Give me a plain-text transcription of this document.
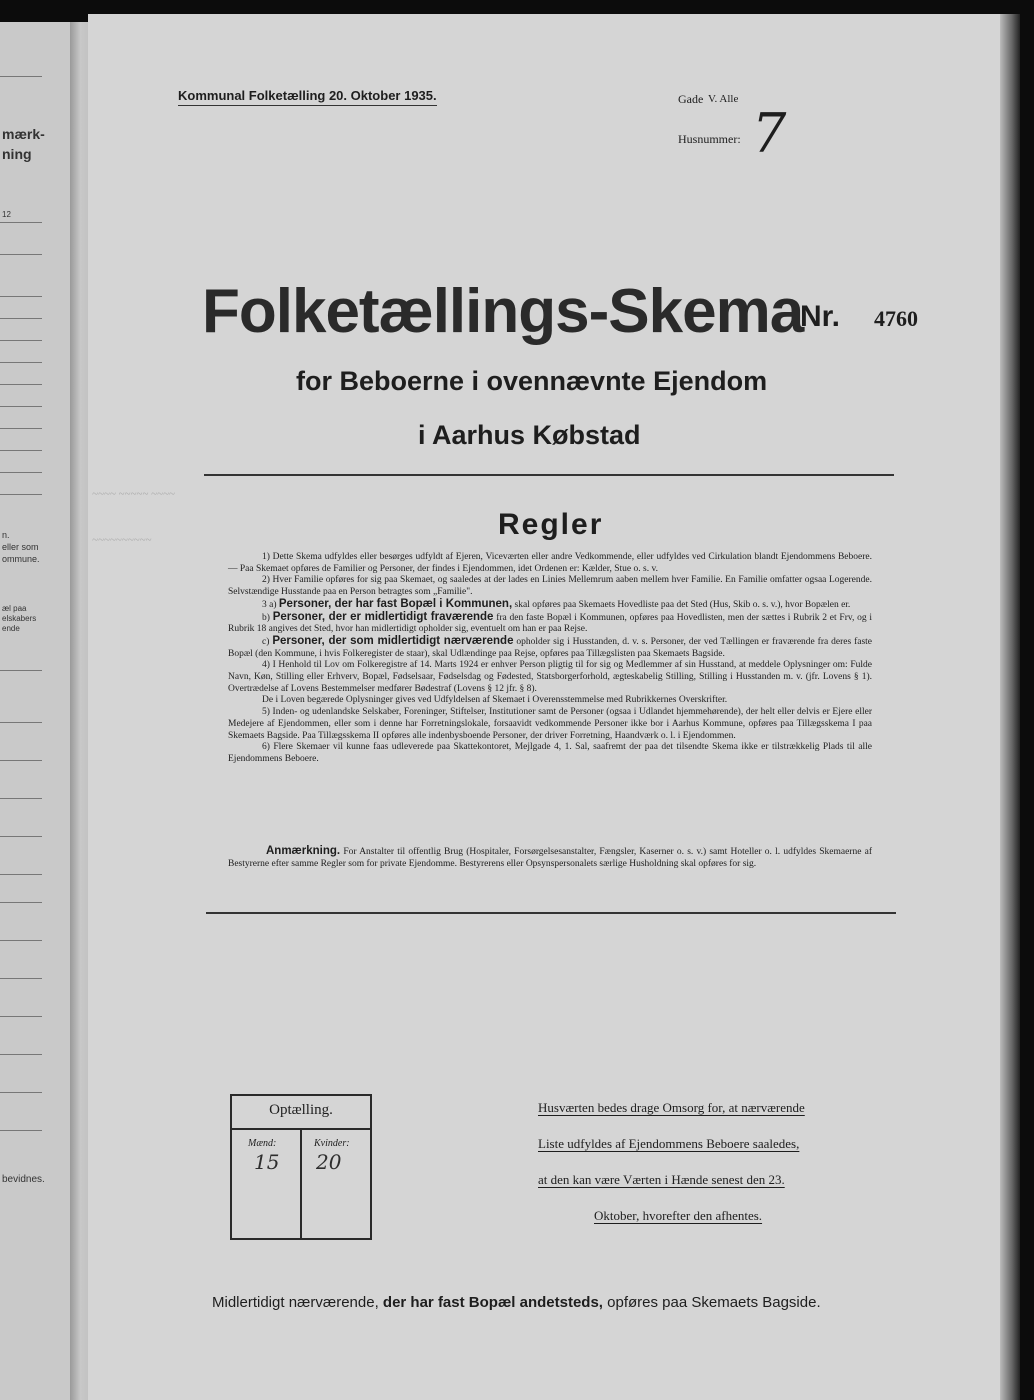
mærk-
ning
12
n.
eller som
ommune.
æl paa
elskabers
ende
bevidnes.
Kommunal Folketælling 20. Oktober 1935.	Gade V. Alle
Husnummer: 7
Folketællings-Skema
Nr. 4760
for Beboerne i ovennævnte Ejendom
i Aarhus Købstad
~~~~ ~~~~~ ~~~~
~~~~~~~~~~	Regler

1) Dette Skema udfyldes eller besørges udfyldt af Ejeren, Viceværten eller andre Vedkommende, eller udfyldes ved Cirkulation blandt Ejendommens Beboere. — Paa Skemaet opføres de Familier og Personer, der findes i Ejendommen, idet Ordenen er: Kælder, Stue o. s. v.

2) Hver Familie opføres for sig paa Skemaet, og saaledes at der lades en Linies Mellemrum aaben mellem hver Familie. En Familie omfatter ogsaa Logerende. Selvstændige Husstande paa en Person betragtes som „Familie".

3 a) Personer, der har fast Bopæl i Kommunen, skal opføres paa Skemaets Hovedliste paa det Sted (Hus, Skib o. s. v.), hvor Bopælen er.

b) Personer, der er midlertidigt fraværende fra den faste Bopæl i Kommunen, opføres paa Hovedlisten, men der sættes i Rubrik 2 et Frv, og i Rubrik 18 angives det Sted, hvor han midlertidigt opholder sig, eventuelt om han er paa Rejse.

c) Personer, der som midlertidigt nærværende opholder sig i Husstanden, d. v. s. Personer, der ved Tællingen er fraværende fra deres faste Bopæl (den Kommune, i hvis Folkeregister de staar), skal Udlændinge paa Rejse, opføres paa Tillægslisten paa Skemaets Bagside.

4) I Henhold til Lov om Folkeregistre af 14. Marts 1924 er enhver Person pligtig til for sig og Medlemmer af sin Husstand, at meddele Oplysninger om: Fulde Navn, Køn, Stilling eller Erhverv, Bopæl, Fødselsaar, Fødselsdag og Fødested, Statsborgerforhold, ægteskabelig Stilling, Stilling i Husstanden m. v. (jfr. Lovens § 1). Overtrædelse af Lovens Bestemmelser medfører Bødestraf (Lovens § 12 jfr. § 8).

De i Loven begærede Oplysninger gives ved Udfyldelsen af Skemaet i Overensstemmelse med Rubrikkernes Overskrifter.

5) Inden- og udenlandske Selskaber, Foreninger, Stiftelser, Institutioner samt de Personer (ogsaa i Udlandet hjemmehørende), der helt eller delvis er Ejere eller Medejere af Ejendommen, eller som i denne har Forretningslokale, forsaavidt vedkommende Personer ikke bor i Aarhus Kommune, opføres paa Tillægsskema I paa Skemaets Bagside. Paa Tillægsskema II opføres alle indenbysboende Personer, der driver Forretning, Haandværk o. l. i Ejendommen.

6) Flere Skemaer vil kunne faas udleverede paa Skattekontoret, Mejlgade 4, 1. Sal, saafremt der paa det tilsendte Skema ikke er tilstrækkelig Plads til alle Ejendommens Beboere.

Anmærkning. For Anstalter til offentlig Brug (Hospitaler, Forsørgelsesanstalter, Fængsler, Kaserner o. s. v.) samt Hoteller o. l. udfyldes Skemaerne af Bestyrerne efter samme Regler som for private Ejendomme. Bestyrerens eller Opsynspersonalets særlige Husholdning skal opføres for sig.

Optælling.
Mænd:	Kvinder:
15 20
Husværten bedes drage Omsorg for, at nærværende
Liste udfyldes af Ejendommens Beboere saaledes,
at den kan være Værten i Hænde senest den 23.
Oktober, hvorefter den afhentes.
Midlertidigt nærværende, der har fast Bopæl andetsteds, opføres paa Skemaets Bagside.
